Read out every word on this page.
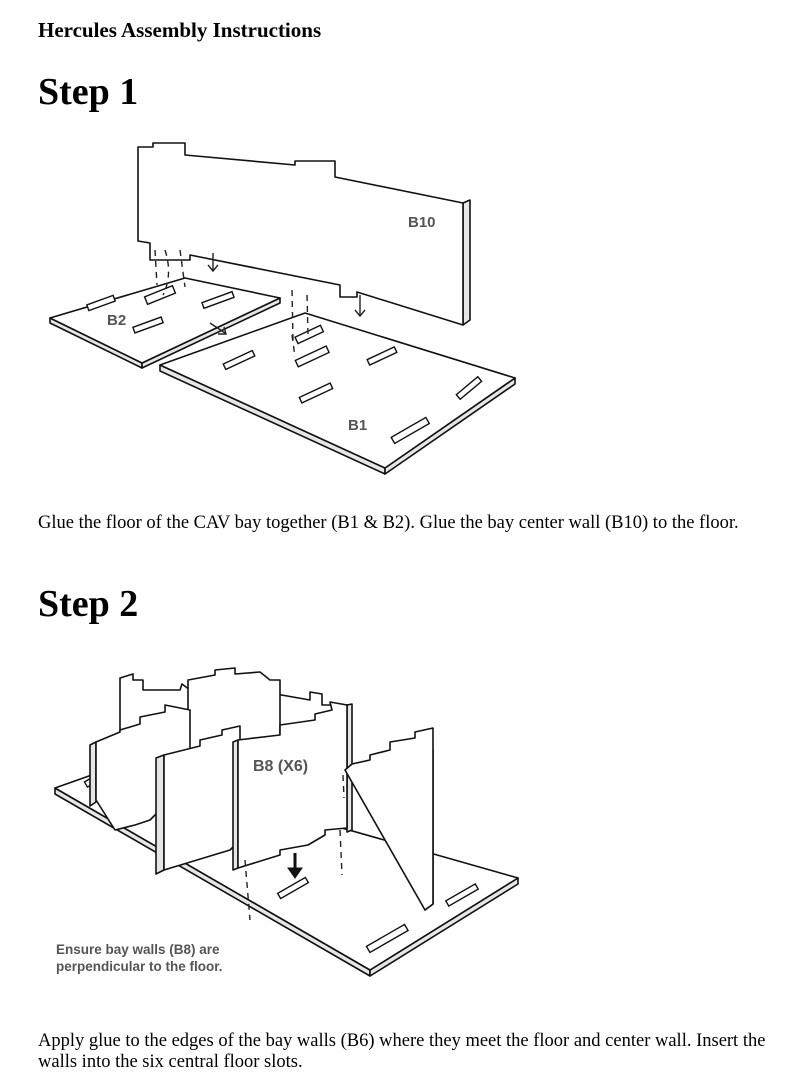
Hercules Assembly Instructions
Step 1
B10
B2
B1
Glue the floor of the CAV bay together (B1 & B2). Glue the bay center wall (B10) to the floor.
Step 2
B8 (X6)
Ensure bay walls (B8) are
perpendicular to the floor.
Apply glue to the edges of the bay walls (B6) where they meet the floor and center wall. Insert the walls into the six central floor slots.
